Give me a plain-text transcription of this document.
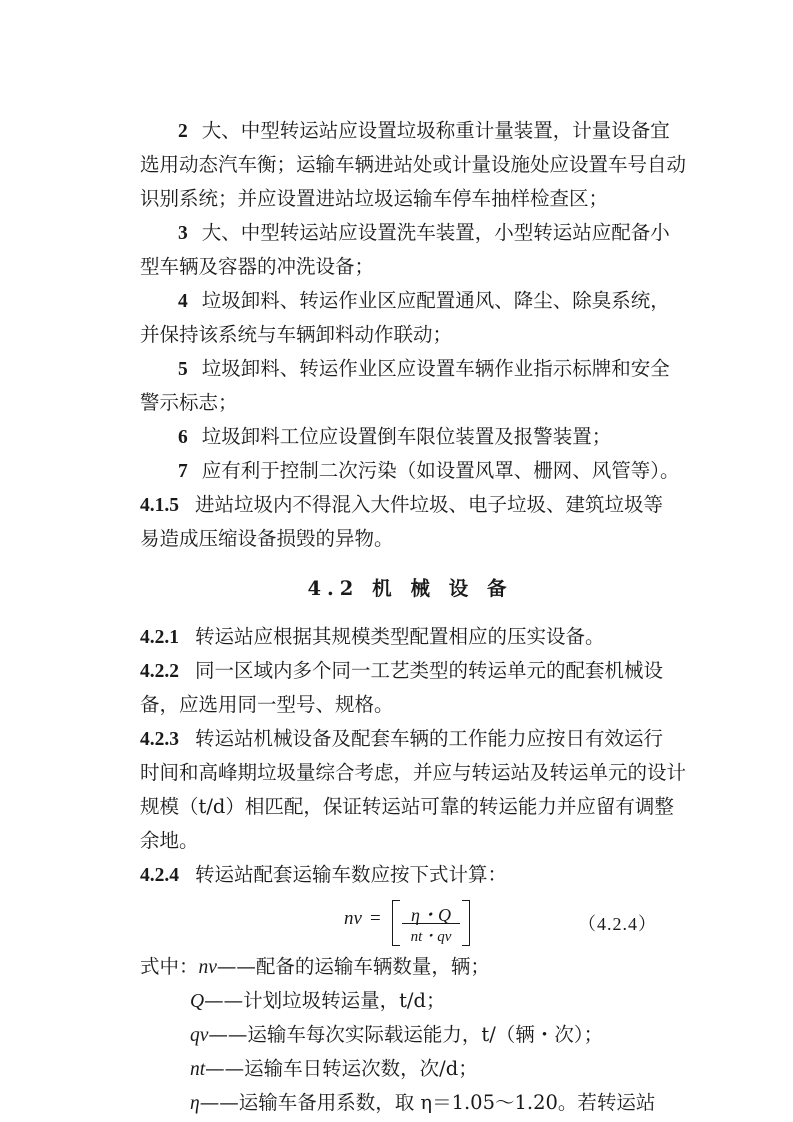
2 大、中型转运站应设置垃圾称重计量装置，计量设备宜
选用动态汽车衡；运输车辆进站处或计量设施处应设置车号自动
识别系统；并应设置进站垃圾运输车停车抽样检查区；
3 大、中型转运站应设置洗车装置，小型转运站应配备小
型车辆及容器的冲洗设备；
4 垃圾卸料、转运作业区应配置通风、降尘、除臭系统，
并保持该系统与车辆卸料动作联动；
5 垃圾卸料、转运作业区应设置车辆作业指示标牌和安全
警示标志；
6 垃圾卸料工位应设置倒车限位装置及报警装置；
7 应有利于控制二次污染（如设置风罩、栅网、风管等）。
4.1.5 进站垃圾内不得混入大件垃圾、电子垃圾、建筑垃圾等
易造成压缩设备损毁的异物。
4.2 机 械 设 备
4.2.1 转运站应根据其规模类型配置相应的压实设备。
4.2.2 同一区域内多个同一工艺类型的转运单元的配套机械设
备，应选用同一型号、规格。
4.2.3 转运站机械设备及配套车辆的工作能力应按日有效运行
时间和高峰期垃圾量综合考虑，并应与转运站及转运单元的设计
规模（t/d）相匹配，保证转运站可靠的转运能力并应留有调整
余地。
4.2.4 转运站配套运输车数应按下式计算：
nv =	η・Q
nt・qv
（4.2.4）
式中：nv——配备的运输车辆数量，辆；
Q——计划垃圾转运量，t/d；
qv——运输车每次实际载运能力，t/（辆・次）；
nt——运输车日转运次数，次/d；
η——运输车备用系数，取 η＝1.05～1.20。若转运站
